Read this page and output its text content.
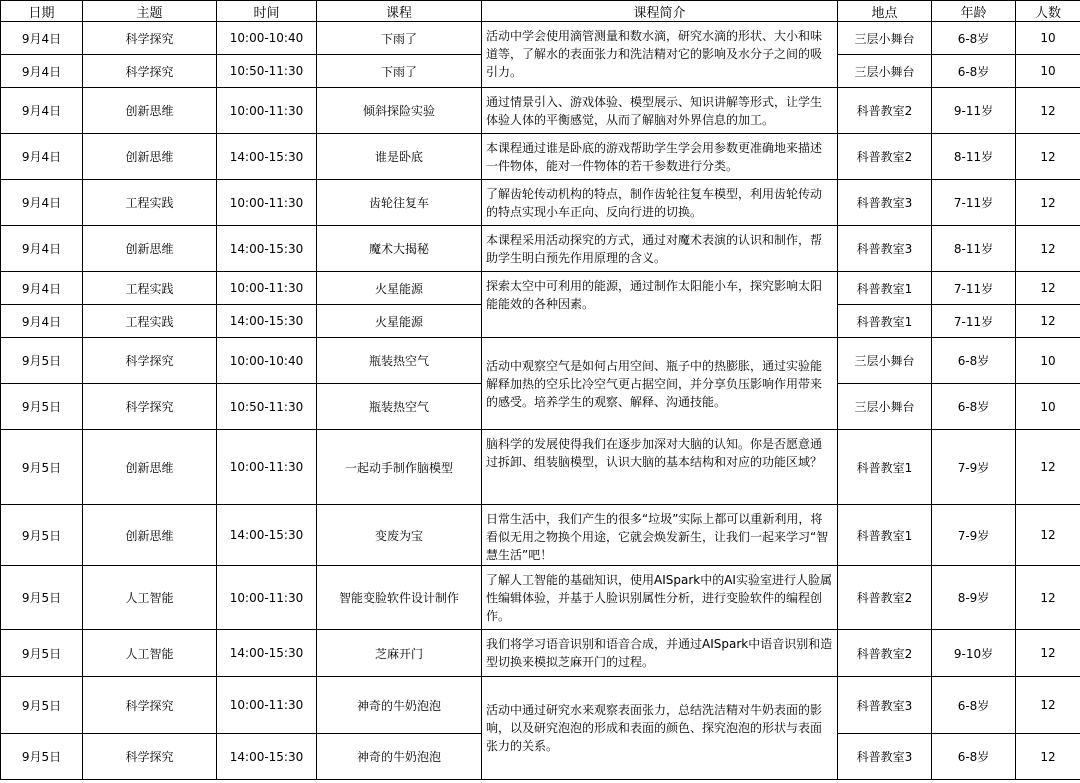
日期	主题	时间	课程	课程简介	地点	年龄	人数
9月4日	科学探究	10:00-10:40	下雨了	活动中学会使用滴管测量和数水滴，研究水滴的形状、大小和味道等，了解水的表面张力和洗洁精对它的影响及水分子之间的吸引力。	三层小舞台	6-8岁	10
9月4日	科学探究	10:50-11:30	下雨了		三层小舞台	6-8岁	10
9月4日	创新思维	10:00-11:30	倾斜探险实验	通过情景引入、游戏体验、模型展示、知识讲解等形式，让学生体验人体的平衡感觉，从而了解脑对外界信息的加工。	科普教室2	9-11岁	12
9月4日	创新思维	14:00-15:30	谁是卧底	本课程通过谁是卧底的游戏帮助学生学会用参数更准确地来描述一件物体，能对一件物体的若干参数进行分类。	科普教室2	8-11岁	12
9月4日	工程实践	10:00-11:30	齿轮往复车	了解齿轮传动机构的特点，制作齿轮往复车模型，利用齿轮传动的特点实现小车正向、反向行进的切换。	科普教室3	7-11岁	12
9月4日	创新思维	14:00-15:30	魔术大揭秘	本课程采用活动探究的方式，通过对魔术表演的认识和制作，帮助学生明白预先作用原理的含义。	科普教室3	8-11岁	12
9月4日	工程实践	10:00-11:30	火星能源	探索太空中可利用的能源，通过制作太阳能小车，探究影响太阳能能效的各种因素。	科普教室1	7-11岁	12
9月4日	工程实践	14:00-15:30	火星能源		科普教室1	7-11岁	12
9月5日	科学探究	10:00-10:40	瓶装热空气	活动中观察空气是如何占用空间、瓶子中的热膨胀，通过实验能解释加热的空乐比冷空气更占据空间，并分享负压影响作用带来的感受。培养学生的观察、解释、沟通技能。	三层小舞台	6-8岁	10
9月5日	科学探究	10:50-11:30	瓶装热空气		三层小舞台	6-8岁	10
9月5日	创新思维	10:00-11:30	一起动手制作脑模型	脑科学的发展使得我们在逐步加深对大脑的认知。你是否愿意通过拆卸、组装脑模型，认识大脑的基本结构和对应的功能区域？	科普教室1	7-9岁	12
9月5日	创新思维	14:00-15:30	变废为宝	日常生活中，我们产生的很多“垃圾”实际上都可以重新利用，将看似无用之物换个用途，它就会焕发新生，让我们一起来学习“智慧生活”吧！	科普教室1	7-9岁	12
9月5日	人工智能	10:00-11:30	智能变脸软件设计制作	了解人工智能的基础知识，使用AISpark中的AI实验室进行人脸属性编辑体验，并基于人脸识别属性分析，进行变脸软件的编程创作。	科普教室2	8-9岁	12
9月5日	人工智能	14:00-15:30	芝麻开门	我们将学习语音识别和语音合成，并通过AISpark中语音识别和造型切换来模拟芝麻开门的过程。	科普教室2	9-10岁	12
9月5日	科学探究	10:00-11:30	神奇的牛奶泡泡	活动中通过研究水来观察表面张力，总结洗洁精对牛奶表面的影响，以及研究泡泡的形成和表面的颜色、探究泡泡的形状与表面张力的关系。	科普教室3	6-8岁	12
9月5日	科学探究	14:00-15:30	神奇的牛奶泡泡		科普教室3	6-8岁	12
